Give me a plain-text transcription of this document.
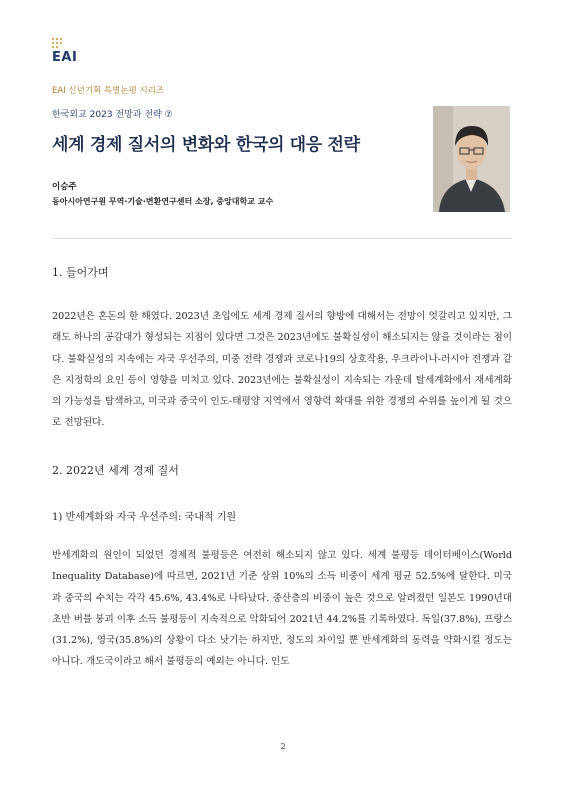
EAI
EAI 신년기획 특별논평 시리즈
한국외교 2023 전망과 전략 ⑦
세계 경제 질서의 변화와 한국의 대응 전략
이승주
동아시아연구원 무역·기술·변환연구센터 소장, 중앙대학교 교수
1. 들어가며
2022년은 혼돈의 한 해였다. 2023년 초입에도 세계 경제 질서의 향방에 대해서는 전망이 엇갈리고 있지만, 그래도 하나의 공감대가 형성되는 지점이 있다면 그것은 2023년에도 불확실성이 해소되지는 않을 것이라는 점이다. 불확실성의 지속에는 자국 우선주의, 미중 전략 경쟁과 코로나19의 상호작용, 우크라이나-러시아 전쟁과 같은 지정학의 요인 등이 영향을 미치고 있다. 2023년에는 불확실성이 지속되는 가운데 탈세계화에서 재세계화의 가능성을 탐색하고, 미국과 중국이 인도-태평양 지역에서 영향력 확대를 위한 경쟁의 수위를 높이게 될 것으로 전망된다.
2. 2022년 세계 경제 질서
1) 반세계화와 자국 우선주의: 국내적 기원
반세계화의 원인이 되었던 경제적 불평등은 여전히 해소되지 않고 있다. 세계 불평등 데이터베이스(World Inequality Database)에 따르면, 2021년 기준 상위 10%의 소득 비중이 세계 평균 52.5%에 달한다. 미국과 중국의 수치는 각각 45.6%, 43.4%로 나타났다. 중산층의 비중이 높은 것으로 알려졌던 일본도 1990년대 초반 버블 붕괴 이후 소득 불평등이 지속적으로 악화되어 2021년 44.2%를 기록하였다. 독일(37.8%), 프랑스(31.2%), 영국(35.8%)의 상황이 다소 낫기는 하지만, 정도의 차이일 뿐 반세계화의 동력을 약화시킬 정도는 아니다. 개도국이라고 해서 불평등의 예외는 아니다. 인도
2
